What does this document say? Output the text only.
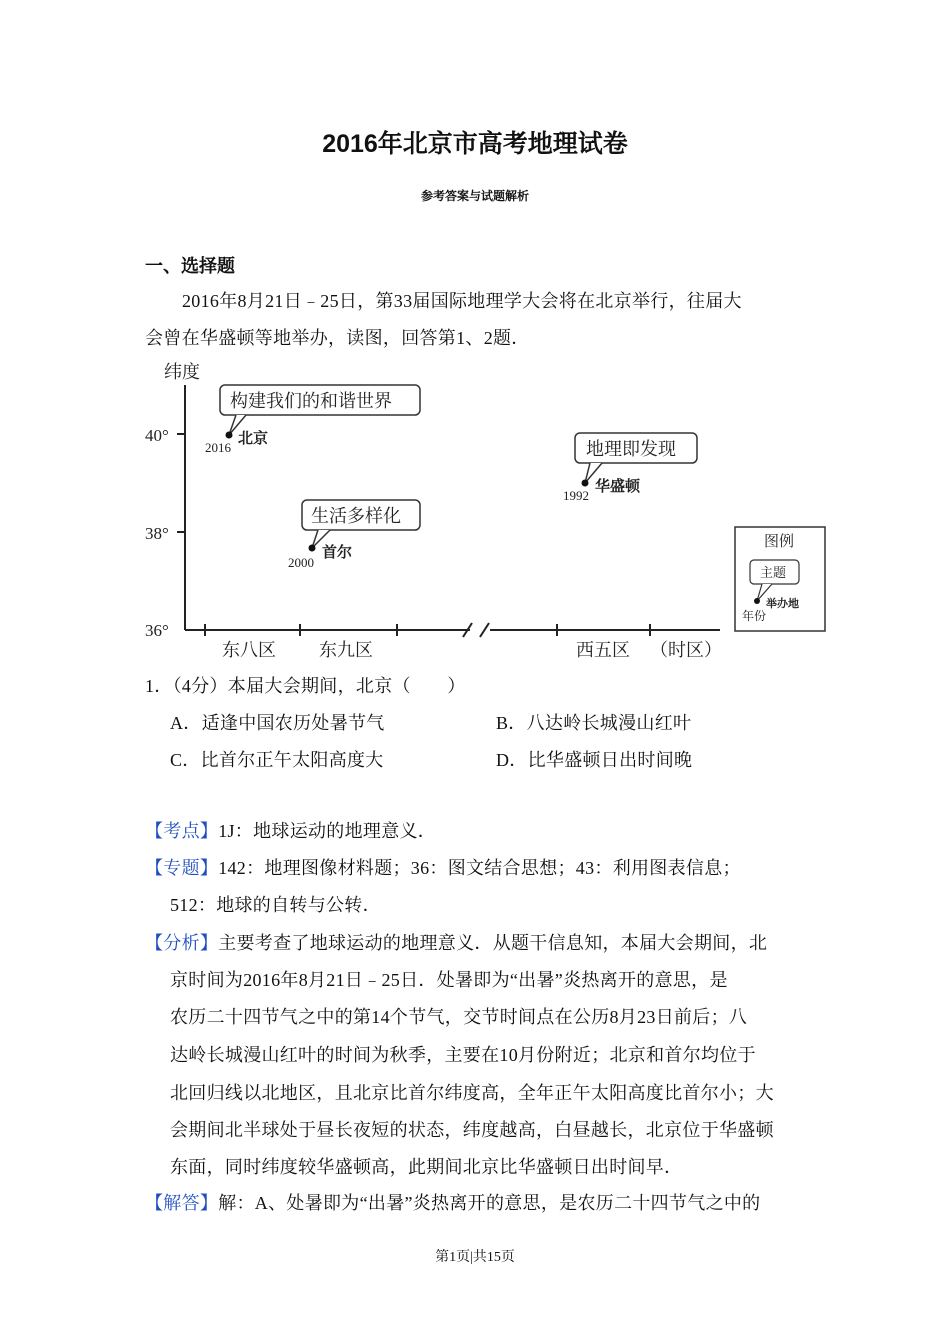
2016年北京市高考地理试卷
参考答案与试题解析
一、选择题
2016年8月21日﹣25日，第33届国际地理学大会将在北京举行，往届大
会曾在华盛顿等地举办，读图，回答第1、2题．
纬度
40°
38°
36°
东八区 东九区	西五区 （时区）
构建我们的和谐世界
北京
2016
生活多样化
首尔
2000
地理即发现
华盛顿
1992
图例
主题
举办地
年份
1．（4分）本届大会期间，北京（　　）
A．适逢中国农历处暑节气	B．八达岭长城漫山红叶
C．比首尔正午太阳高度大	D．比华盛顿日出时间晚
【考点】1J：地球运动的地理意义．
【专题】142：地理图像材料题；36：图文结合思想；43：利用图表信息；
512：地球的自转与公转．
【分析】主要考查了地球运动的地理意义．从题干信息知，本届大会期间，北
京时间为2016年8月21日﹣25日．处暑即为“出暑”炎热离开的意思，是
农历二十四节气之中的第14个节气，交节时间点在公历8月23日前后；八
达岭长城漫山红叶的时间为秋季，主要在10月份附近；北京和首尔均位于
北回归线以北地区，且北京比首尔纬度高，全年正午太阳高度比首尔小；大
会期间北半球处于昼长夜短的状态，纬度越高，白昼越长，北京位于华盛顿
东面，同时纬度较华盛顿高，此期间北京比华盛顿日出时间早．
【解答】解：A、处暑即为“出暑”炎热离开的意思，是农历二十四节气之中的
第1页|共15页
